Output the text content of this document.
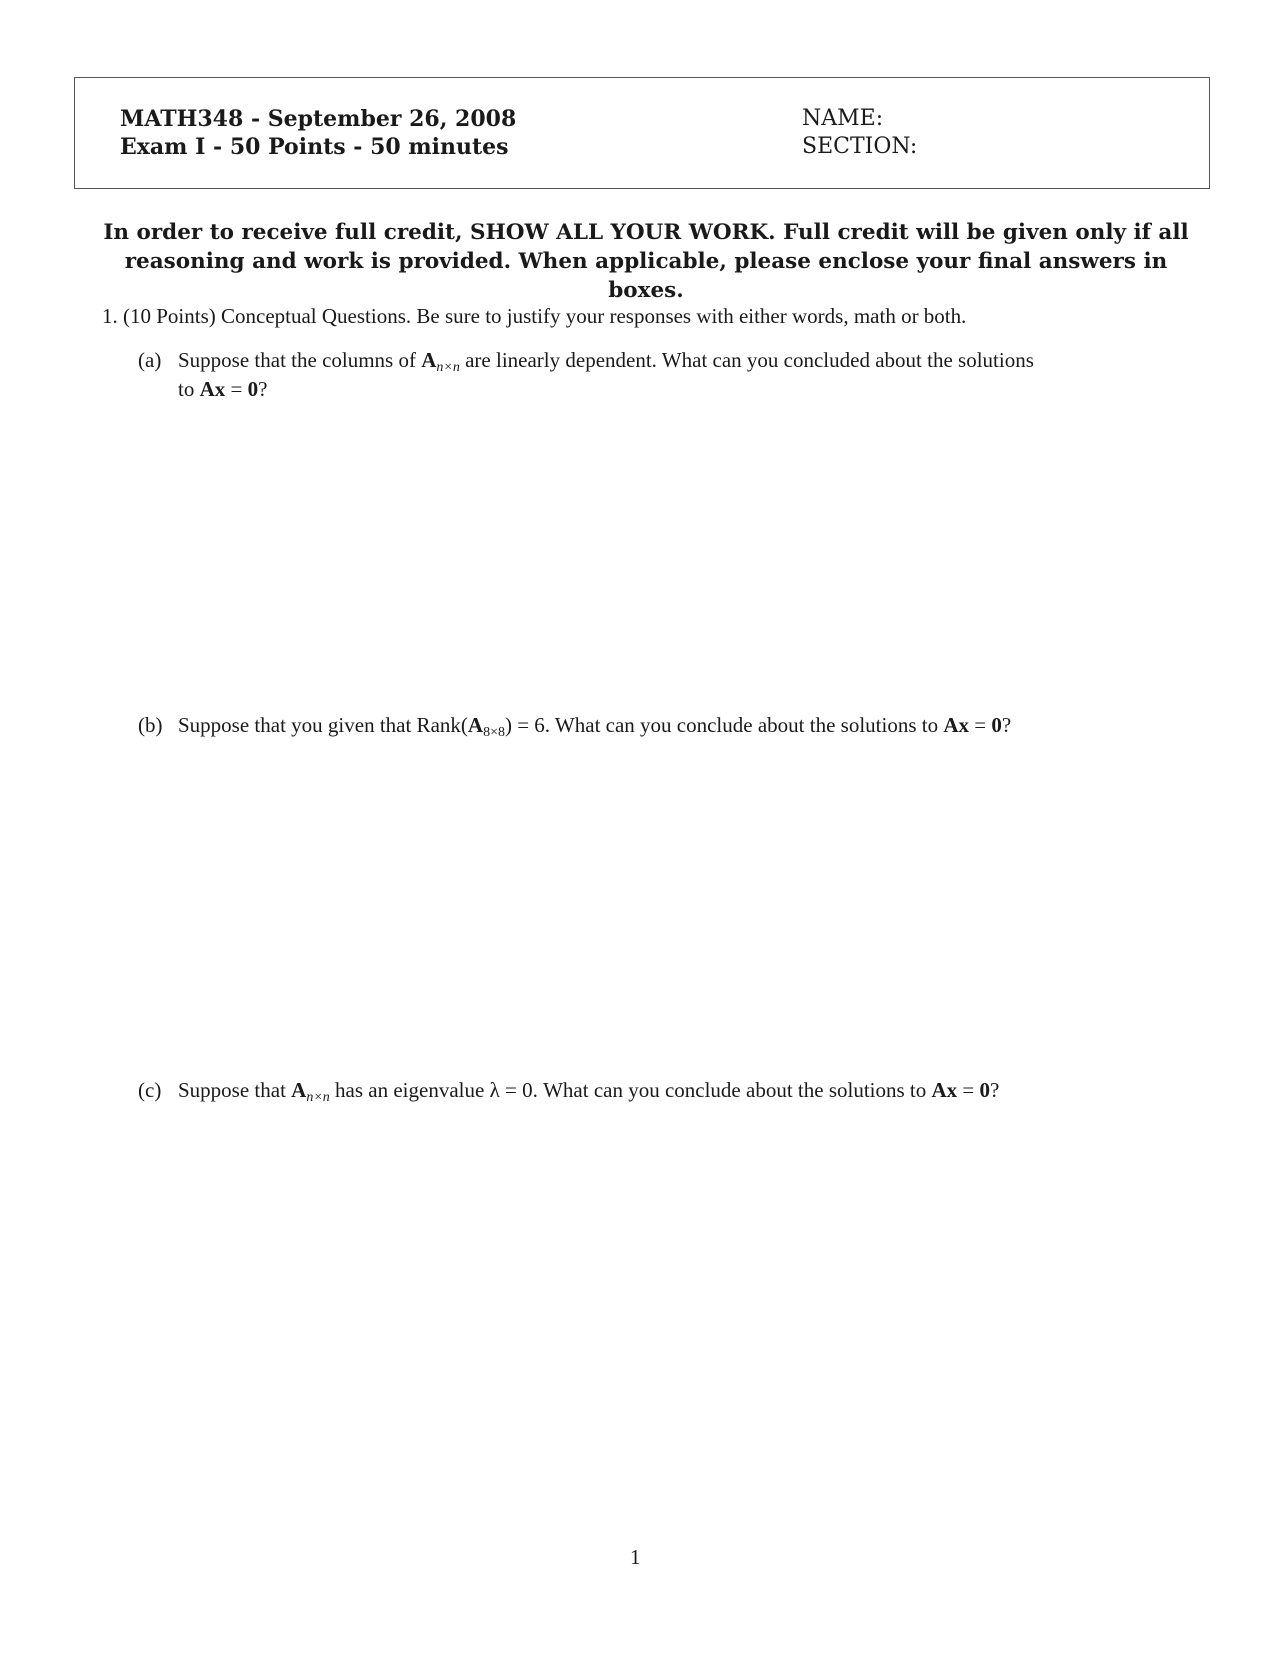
MATH348 - September 26, 2008
Exam I - 50 Points - 50 minutes
NAME:
SECTION:
In order to receive full credit, SHOW ALL YOUR WORK. Full credit will be given only if all
reasoning and work is provided. When applicable, please enclose your final answers in boxes.
1. (10 Points) Conceptual Questions. Be sure to justify your responses with either words, math or both.
(a) Suppose that the columns of $A_{n\times n}$ are linearly dependent. What can you concluded about the solutions
to Ax = 0?
(b) Suppose that you given that $Rank(A_{8\times 8}) = 6$. What can you conclude about the solutions to Ax = 0?
(c) Suppose that $A_{n\times n}$ has an eigenvalue λ = 0. What can you conclude about the solutions to Ax = 0?
1
